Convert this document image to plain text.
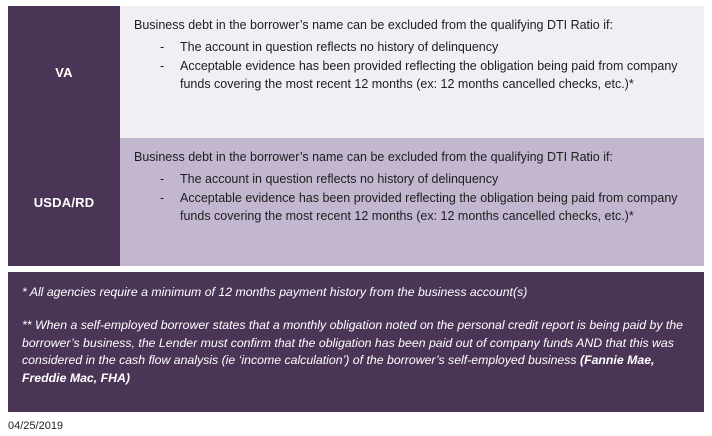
VA

Business debt in the borrower’s name can be excluded from the qualifying DTI Ratio if:

- The account in question reflects no history of delinquency
- Acceptable evidence has been provided reflecting the obligation being paid from company funds covering the most recent 12 months (ex: 12 months cancelled checks, etc.)*
USDA/RD

Business debt in the borrower’s name can be excluded from the qualifying DTI Ratio if:

- The account in question reflects no history of delinquency
- Acceptable evidence has been provided reflecting the obligation being paid from company funds covering the most recent 12 months (ex: 12 months cancelled checks, etc.)*

* All agencies require a minimum of 12 months payment history from the business account(s)

** When a self-employed borrower states that a monthly obligation noted on the personal credit report is being paid by the borrower’s business, the Lender must confirm that the obligation has been paid out of company funds AND that this was considered in the cash flow analysis (ie ‘income calculation’) of the borrower’s self-employed business (Fannie Mae, Freddie Mac, FHA)

04/25/2019
